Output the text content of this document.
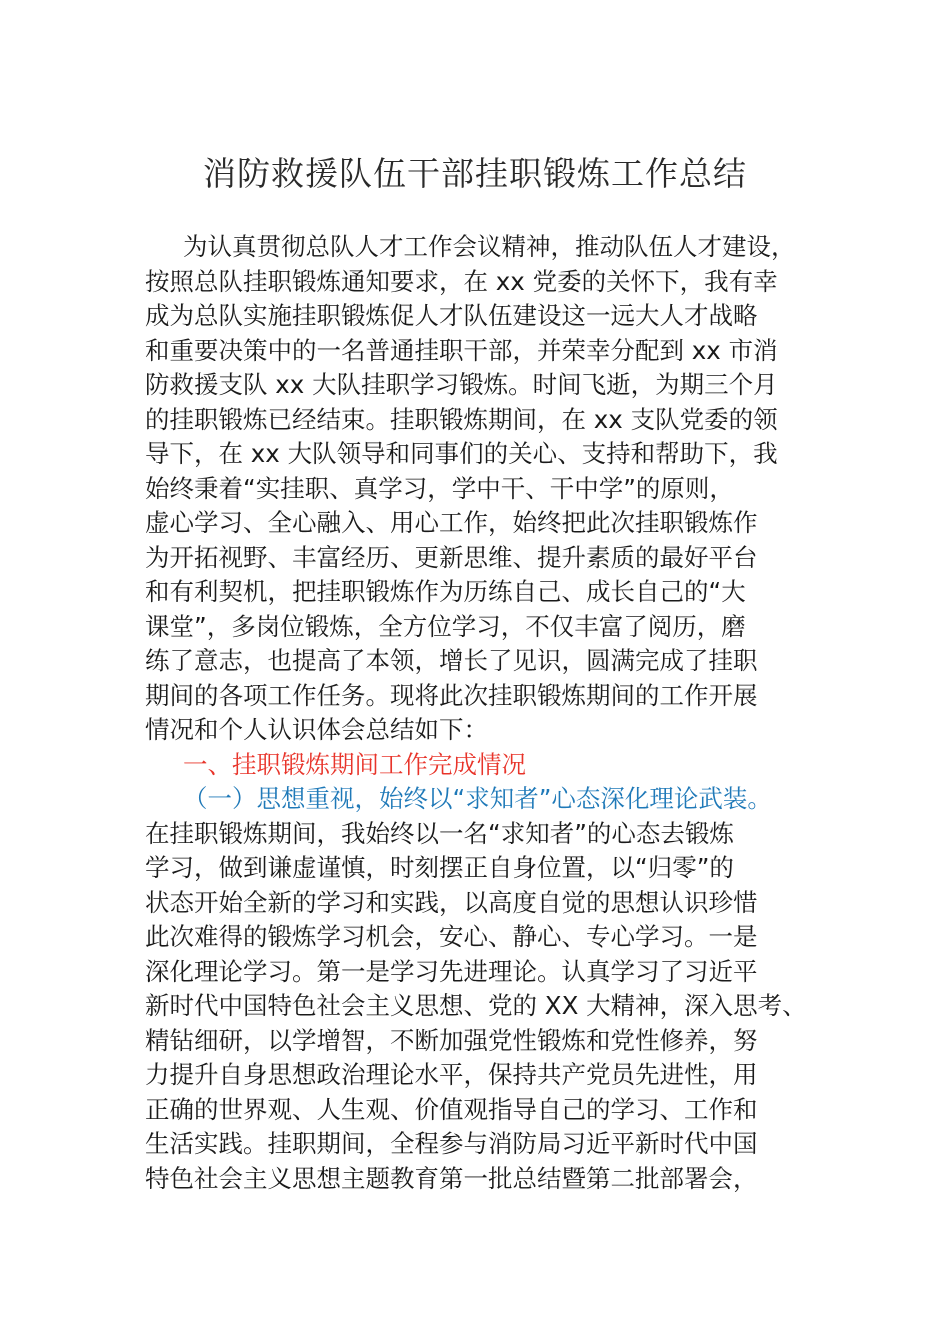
消防救援队伍干部挂职锻炼工作总结
为认真贯彻总队人才工作会议精神，推动队伍人才建设，
按照总队挂职锻炼通知要求，在 xx 党委的关怀下，我有幸
成为总队实施挂职锻炼促人才队伍建设这一远大人才战略
和重要决策中的一名普通挂职干部，并荣幸分配到 xx 市消
防救援支队 xx 大队挂职学习锻炼。时间飞逝，为期三个月
的挂职锻炼已经结束。挂职锻炼期间，在 xx 支队党委的领
导下，在 xx 大队领导和同事们的关心、支持和帮助下，我
始终秉着“实挂职、真学习，学中干、干中学”的原则，
虚心学习、全心融入、用心工作，始终把此次挂职锻炼作
为开拓视野、丰富经历、更新思维、提升素质的最好平台
和有利契机，把挂职锻炼作为历练自己、成长自己的“大
课堂”，多岗位锻炼，全方位学习，不仅丰富了阅历，磨
练了意志，也提高了本领，增长了见识，圆满完成了挂职
期间的各项工作任务。现将此次挂职锻炼期间的工作开展
情况和个人认识体会总结如下：
一、挂职锻炼期间工作完成情况
（一）思想重视，始终以“求知者”心态深化理论武装。
在挂职锻炼期间，我始终以一名“求知者”的心态去锻炼
学习，做到谦虚谨慎，时刻摆正自身位置，以“归零”的
状态开始全新的学习和实践，以高度自觉的思想认识珍惜
此次难得的锻炼学习机会，安心、静心、专心学习。一是
深化理论学习。第一是学习先进理论。认真学习了习近平
新时代中国特色社会主义思想、党的 XX 大精神，深入思考、
精钻细研，以学增智，不断加强党性锻炼和党性修养，努
力提升自身思想政治理论水平，保持共产党员先进性，用
正确的世界观、人生观、价值观指导自己的学习、工作和
生活实践。挂职期间，全程参与消防局习近平新时代中国
特色社会主义思想主题教育第一批总结暨第二批部署会，
